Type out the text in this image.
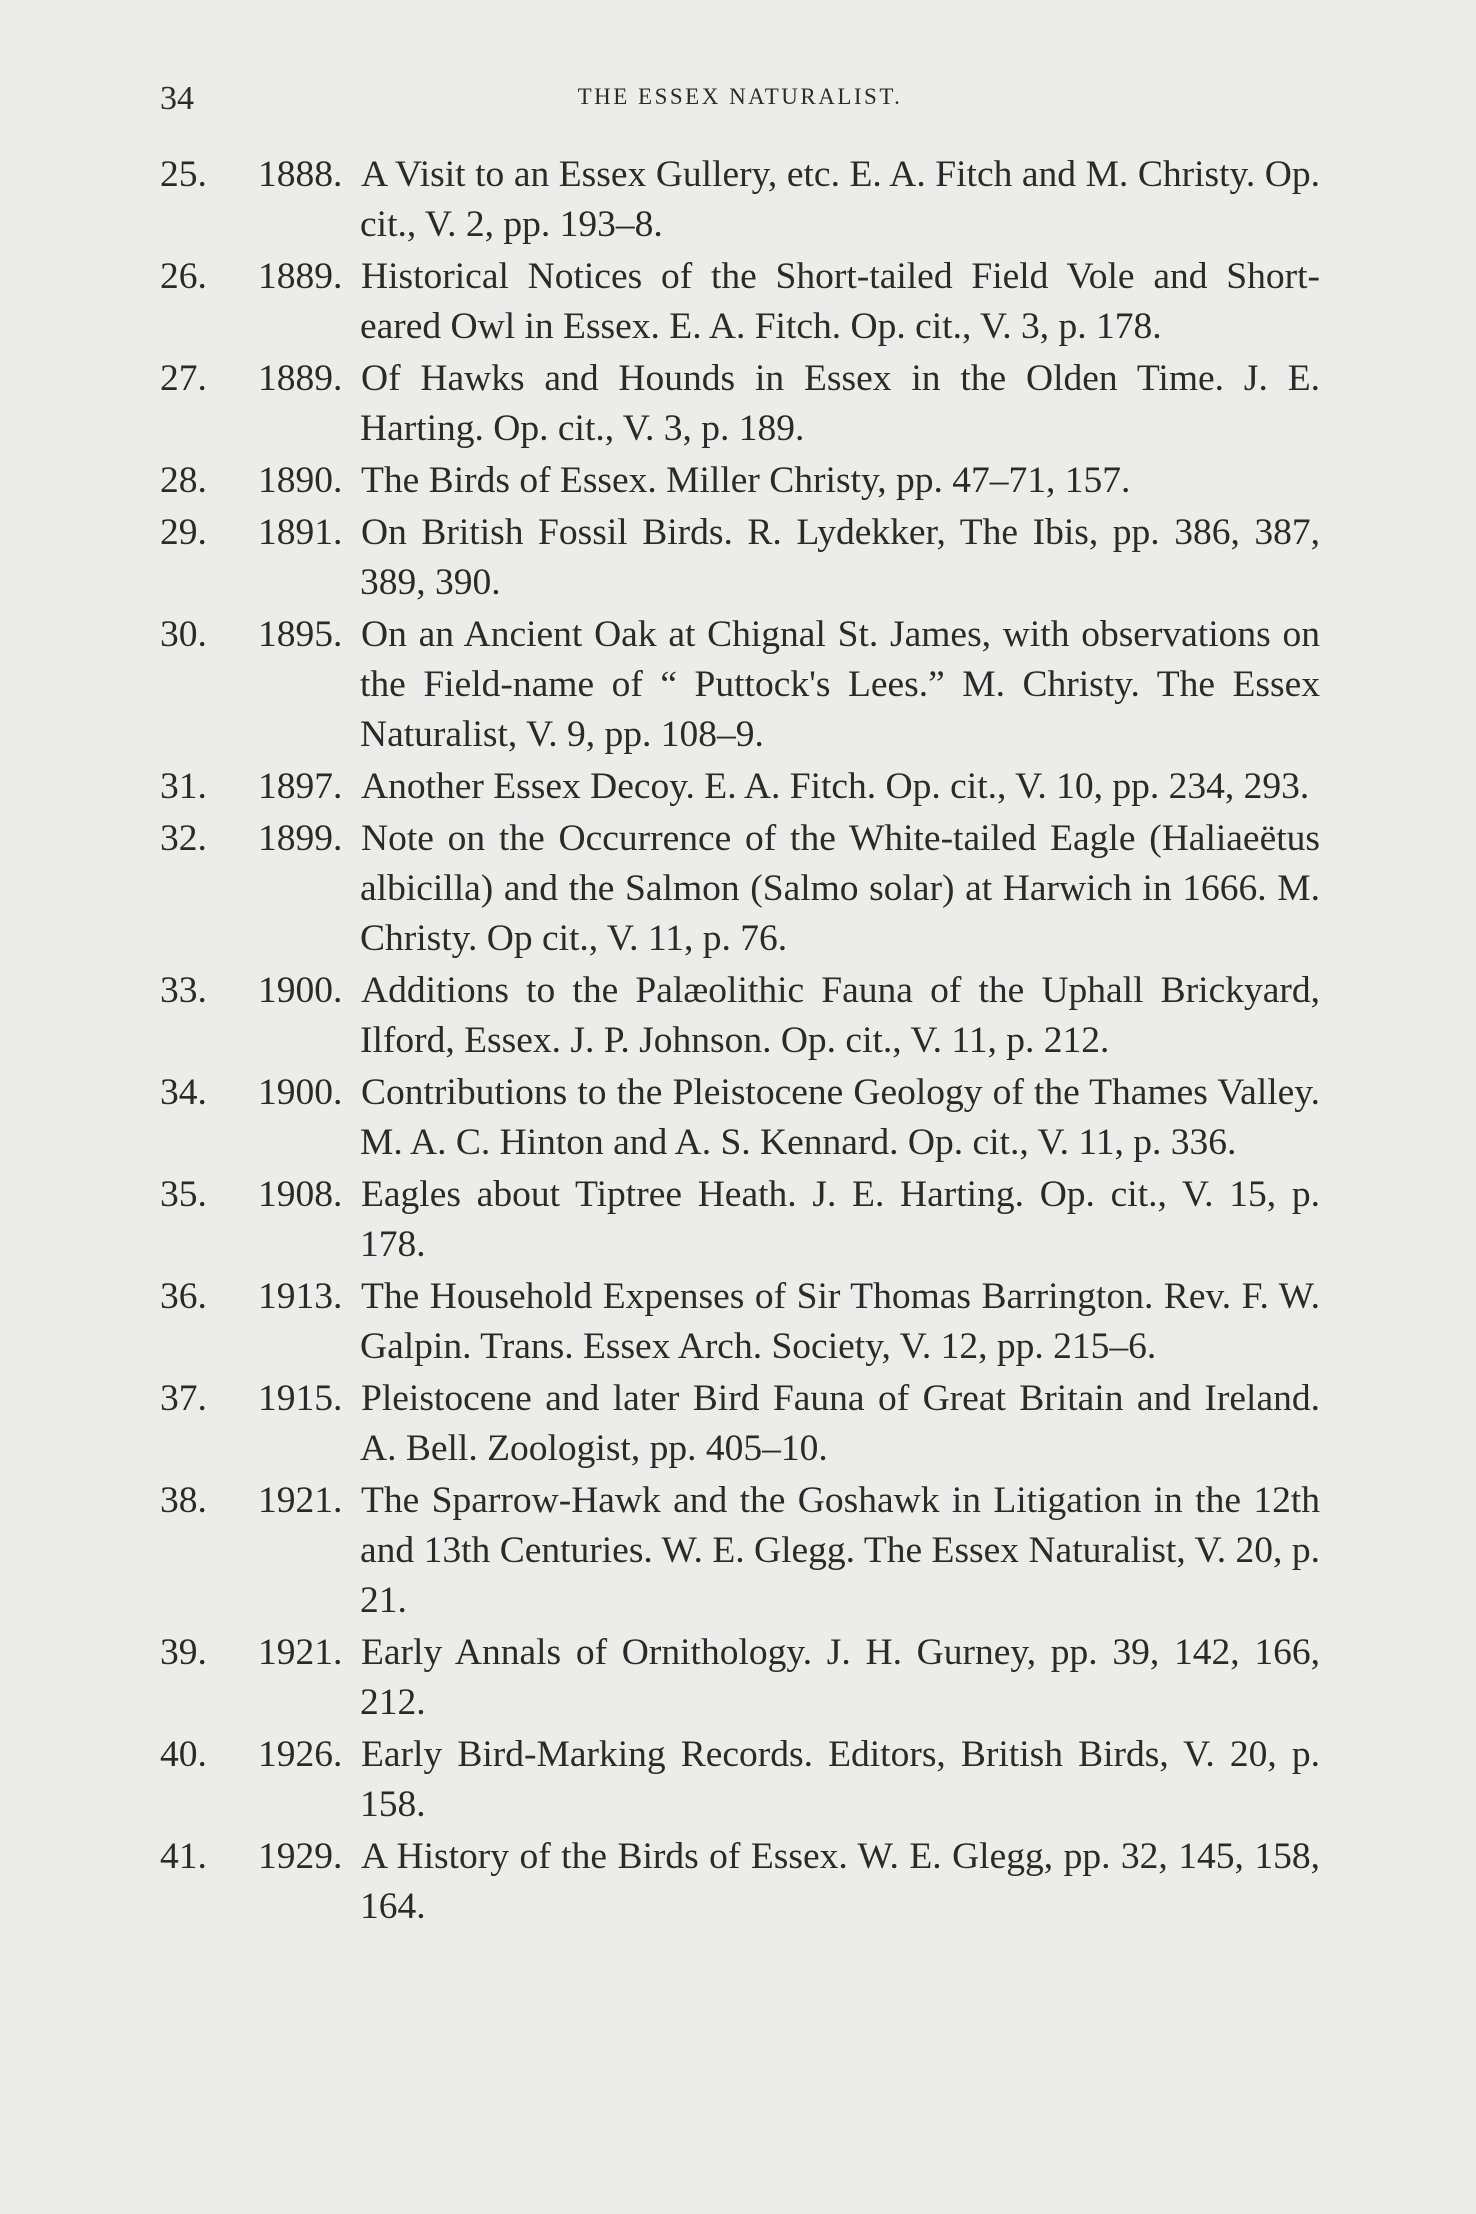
34	THE ESSEX NATURALIST.
25. 1888. A Visit to an Essex Gullery, etc. E. A. Fitch and M. Christy. Op. cit., V. 2, pp. 193–8.
26. 1889. Historical Notices of the Short-tailed Field Vole and Short-eared Owl in Essex. E. A. Fitch. Op. cit., V. 3, p. 178.
27. 1889. Of Hawks and Hounds in Essex in the Olden Time. J. E. Harting. Op. cit., V. 3, p. 189.
28. 1890. The Birds of Essex. Miller Christy, pp. 47–71, 157.
29. 1891. On British Fossil Birds. R. Lydekker, The Ibis, pp. 386, 387, 389, 390.
30. 1895. On an Ancient Oak at Chignal St. James, with observations on the Field-name of “ Puttock's Lees.” M. Christy. The Essex Naturalist, V. 9, pp. 108–9.
31. 1897. Another Essex Decoy. E. A. Fitch. Op. cit., V. 10, pp. 234, 293.
32. 1899. Note on the Occurrence of the White-tailed Eagle (Haliaeëtus albicilla) and the Salmon (Salmo solar) at Harwich in 1666. M. Christy. Op cit., V. 11, p. 76.
33. 1900. Additions to the Palæolithic Fauna of the Uphall Brickyard, Ilford, Essex. J. P. Johnson. Op. cit., V. 11, p. 212.
34. 1900. Contributions to the Pleistocene Geology of the Thames Valley. M. A. C. Hinton and A. S. Kennard. Op. cit., V. 11, p. 336.
35. 1908. Eagles about Tiptree Heath. J. E. Harting. Op. cit., V. 15, p. 178.
36. 1913. The Household Expenses of Sir Thomas Barrington. Rev. F. W. Galpin. Trans. Essex Arch. Society, V. 12, pp. 215–6.
37. 1915. Pleistocene and later Bird Fauna of Great Britain and Ireland. A. Bell. Zoologist, pp. 405–10.
38. 1921. The Sparrow-Hawk and the Goshawk in Litigation in the 12th and 13th Centuries. W. E. Glegg. The Essex Naturalist, V. 20, p. 21.
39. 1921. Early Annals of Ornithology. J. H. Gurney, pp. 39, 142, 166, 212.
40. 1926. Early Bird-Marking Records. Editors, British Birds, V. 20, p. 158.
41. 1929. A History of the Birds of Essex. W. E. Glegg, pp. 32, 145, 158, 164.
